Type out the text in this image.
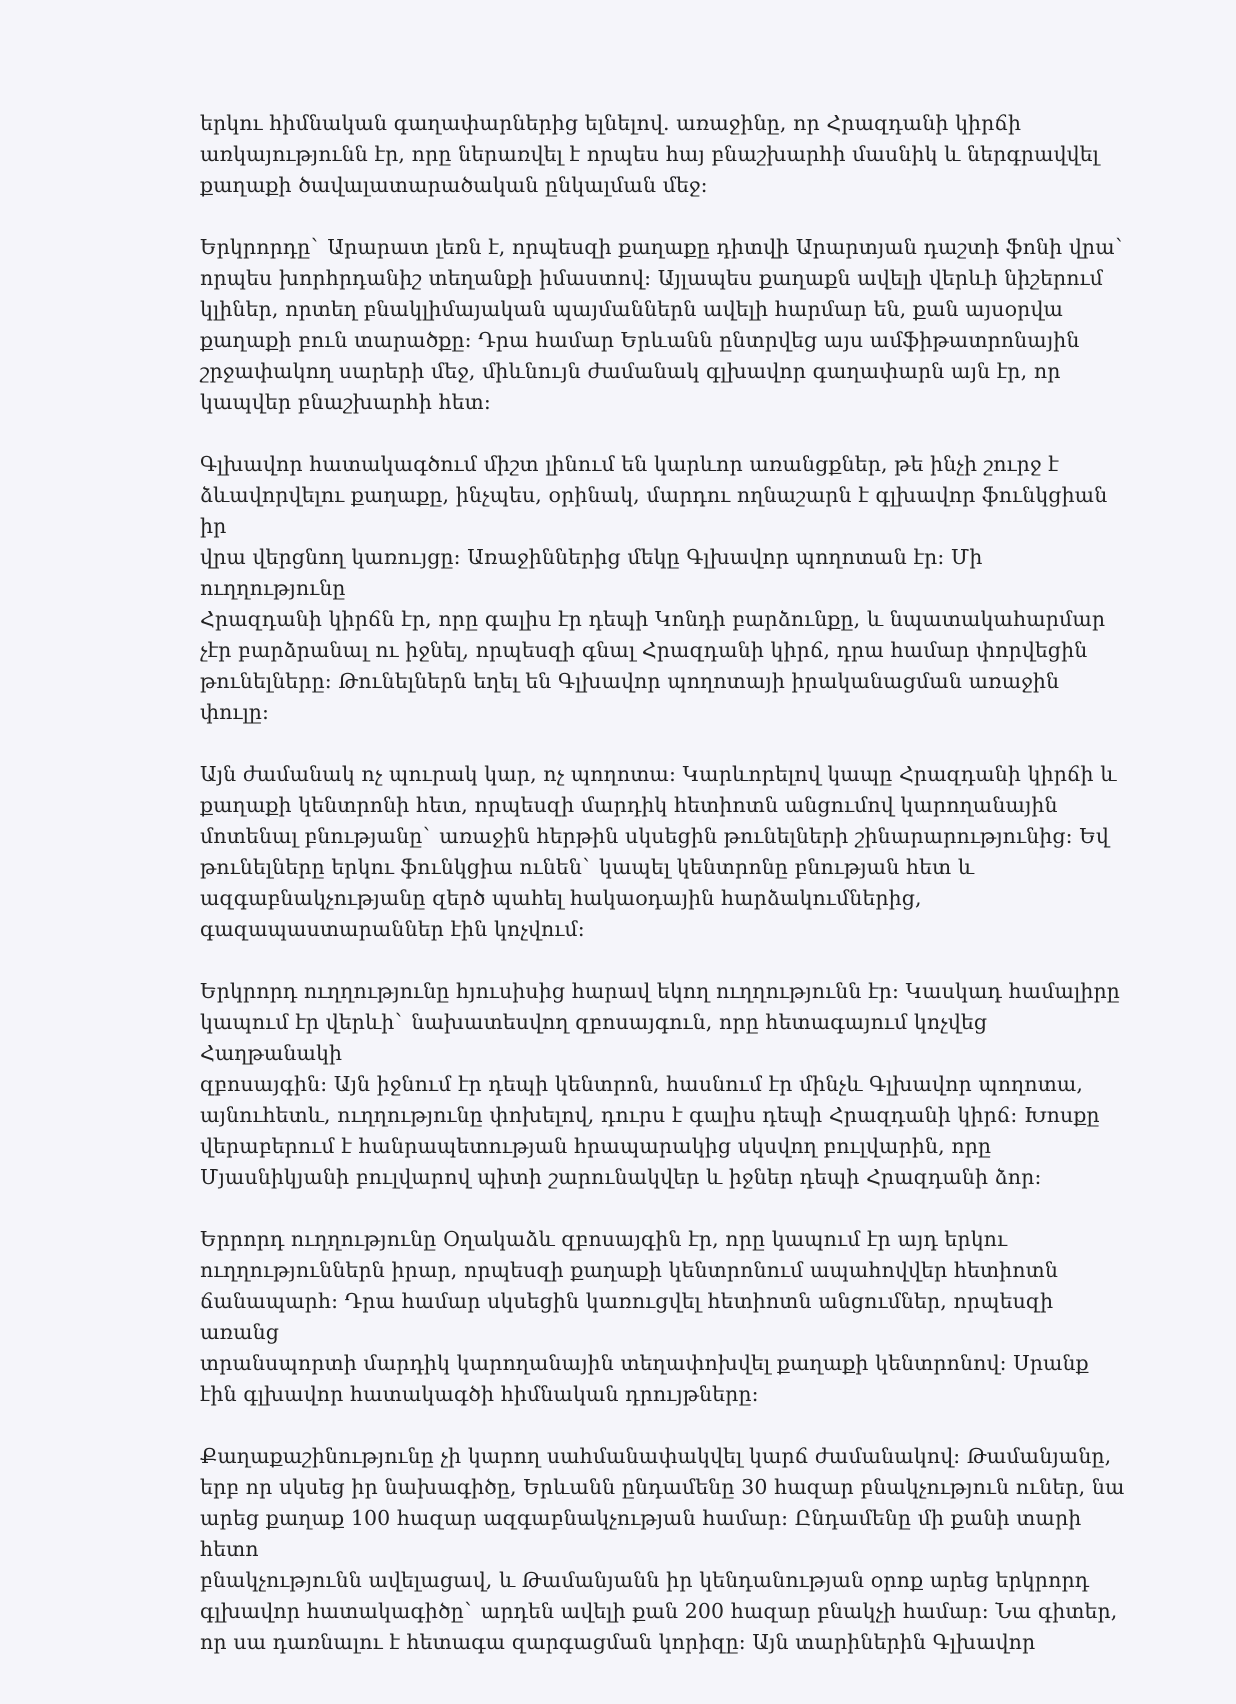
երկու հիմնական գաղափարներից ելնելով. առաջինը, որ Հրազդանի կիրճի
առկայությունն էր, որը ներառվել է որպես հայ բնաշխարհի մասնիկ և ներգրավվել
քաղաքի ծավալատարածական ընկալման մեջ:

Երկրորդը` Արարատ լեռն է, որպեսզի քաղաքը դիտվի Արարտյան դաշտի ֆոնի վրա`
որպես խորհրդանիշ տեղանքի իմաստով: Այլապես քաղաքն ավելի վերևի նիշերում
կլիներ, որտեղ բնակլիմայական պայմաններն ավելի հարմար են, քան այսօրվա
քաղաքի բուն տարածքը: Դրա համար Երևանն ընտրվեց այս ամֆիթատրոնային
շրջափակող սարերի մեջ, միևնույն ժամանակ գլխավոր գաղափարն այն էր, որ
կապվեր բնաշխարհի հետ:

Գլխավոր հատակագծում միշտ լինում են կարևոր առանցքներ, թե ինչի շուրջ է
ձևավորվելու քաղաքը, ինչպես, օրինակ, մարդու ողնաշարն է գլխավոր ֆունկցիան իր
վրա վերցնող կառույցը: Առաջիններից մեկը Գլխավոր պողոտան էր: Մի ուղղությունը
Հրազդանի կիրճն էր, որը գալիս էր դեպի Կոնդի բարձունքը, և նպատակահարմար
չէր բարձրանալ ու իջնել, որպեսզի գնալ Հրազդանի կիրճ, դրա համար փորվեցին
թունելները: Թունելներն եղել են Գլխավոր պողոտայի իրականացման առաջին
փուլը:

Այն ժամանակ ոչ պուրակ կար, ոչ պողոտա: Կարևորելով կապը Հրազդանի կիրճի և
քաղաքի կենտրոնի հետ, որպեսզի մարդիկ հետիոտն անցումով կարողանային
մոտենալ բնությանը` առաջին հերթին սկսեցին թունելների շինարարությունից: Եվ
թունելները երկու ֆունկցիա ունեն` կապել կենտրոնը բնության հետ և
ազգաբնակչությանը զերծ պահել հակաօդային հարձակումներից,
գազապաստարաններ էին կոչվում:

Երկրորդ ուղղությունը հյուսիսից հարավ եկող ուղղությունն էր: Կասկադ համալիրը
կապում էր վերևի` նախատեսվող զբոսայգուն, որը հետագայում կոչվեց Հաղթանակի
զբոսայգին: Այն իջնում էր դեպի կենտրոն, հասնում էր մինչև Գլխավոր պողոտա,
այնուհետև, ուղղությունը փոխելով, դուրս է գալիս դեպի Հրազդանի կիրճ: Խոսքը
վերաբերում է հանրապետության հրապարակից սկսվող բուլվարին, որը
Մյասնիկյանի բուլվարով պիտի շարունակվեր և իջներ դեպի Հրազդանի ձոր:

Երրորդ ուղղությունը Օղակաձև զբոսայգին էր, որը կապում էր այդ երկու
ուղղություններն իրար, որպեսզի քաղաքի կենտրոնում ապահովվեր հետիոտն
ճանապարհ: Դրա համար սկսեցին կառուցվել հետիոտն անցումներ, որպեսզի առանց
տրանսպորտի մարդիկ կարողանային տեղափոխվել քաղաքի կենտրոնով: Սրանք
էին գլխավոր հատակագծի հիմնական դրույթները:

Քաղաքաշինությունը չի կարող սահմանափակվել կարճ ժամանակով: Թամանյանը,
երբ որ սկսեց իր նախագիծը, Երևանն ընդամենը 30 հազար բնակչություն ուներ, նա
արեց քաղաք 100 հազար ազգաբնակչության համար: Ընդամենը մի քանի տարի հետո
բնակչությունն ավելացավ, և Թամանյանն իր կենդանության օրոք արեց երկրորդ
գլխավոր հատակագիծը` արդեն ավելի քան 200 հազար բնակչի համար: Նա գիտեր,
որ սա դառնալու է հետագա զարգացման կորիզը: Այն տարիներին Գլխավոր
